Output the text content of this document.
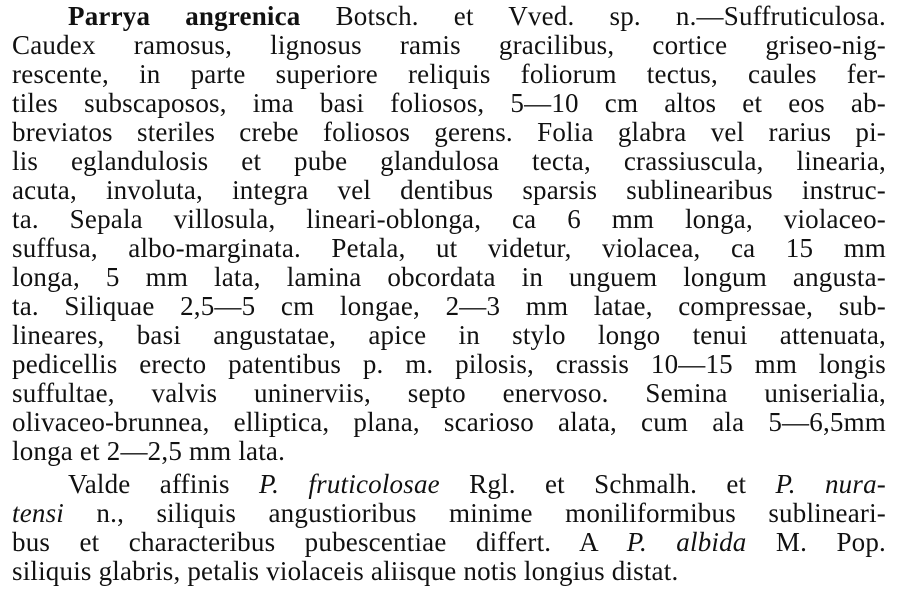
Parrya angrenica Botsch. et Vved. sp. n.—Suffruticulosa.
Caudex ramosus, lignosus ramis gracilibus, cortice griseo-nig-
rescente, in parte superiore reliquis foliorum tectus, caules fer-
tiles subscaposos, ima basi foliosos, 5—10 cm altos et eos ab-
breviatos steriles crebe foliosos gerens. Folia glabra vel rarius pi-
lis eglandulosis et pube glandulosa tecta, crassiuscula, linearia,
acuta, involuta, integra vel dentibus sparsis sublinearibus instruc-
ta. Sepala villosula, lineari-oblonga, ca 6 mm longa, violaceo-
suffusa, albo-marginata. Petala, ut videtur, violacea, ca 15 mm
longa, 5 mm lata, lamina obcordata in unguem longum angusta-
ta. Siliquae 2,5—5 cm longae, 2—3 mm latae, compressae, sub-
lineares, basi angustatae, apice in stylo longo tenui attenuata,
pedicellis erecto patentibus p. m. pilosis, crassis 10—15 mm longis
suffultae, valvis uninerviis, septo enervoso. Semina uniserialia,
olivaceo-brunnea, elliptica, plana, scarioso alata, cum ala 5—6,5mm
longa et 2—2,5 mm lata.
Valde affinis P. fruticolosae Rgl. et Schmalh. et P. nura-
tensi n., siliquis angustioribus minime moniliformibus sublineari-
bus et characteribus pubescentiae differt. A P. albida M. Pop.
siliquis glabris, petalis violaceis aliisque notis longius distat.
